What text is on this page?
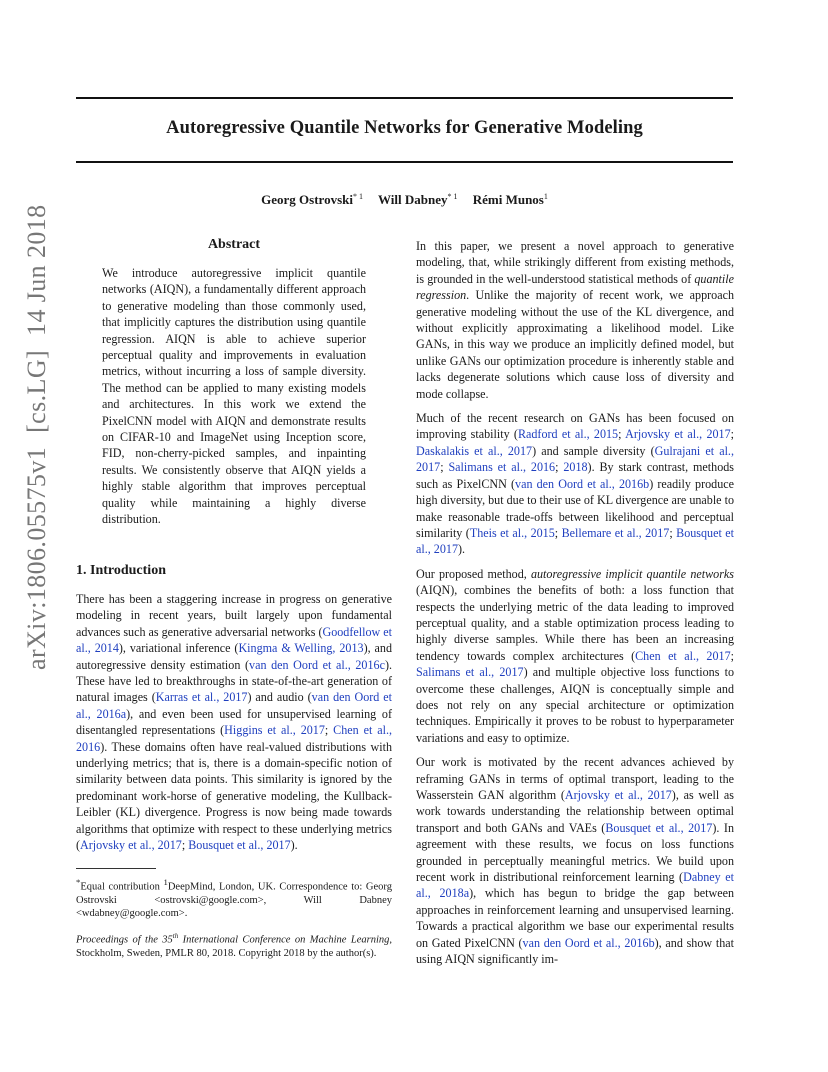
Autoregressive Quantile Networks for Generative Modeling
Georg Ostrovski$^{* 1}$ Will Dabney$^{* 1}$ Rémi Munos$^1$
arXiv:1806.05575v1[cs.LG]14 Jun 2018	Abstract
We introduce autoregressive implicit quantile networks (AIQN), a fundamentally different approach to generative modeling than those commonly used, that implicitly captures the distribution using quantile regression. AIQN is able to achieve superior perceptual quality and improvements in evaluation metrics, without incurring a loss of sample diversity. The method can be applied to many existing models and architectures. In this work we extend the PixelCNN model with AIQN and demonstrate results on CIFAR-10 and ImageNet using Inception score, FID, non-cherry-picked samples, and inpainting results. We consistently observe that AIQN yields a highly stable algorithm that improves perceptual quality while maintaining a highly diverse distribution.
1. Introduction

There has been a staggering increase in progress on generative modeling in recent years, built largely upon fundamental advances such as generative adversarial networks (Goodfellow et al., 2014), variational inference (Kingma & Welling, 2013), and autoregressive density estimation (van den Oord et al., 2016c). These have led to breakthroughs in state-of-the-art generation of natural images (Karras et al., 2017) and audio (van den Oord et al., 2016a), and even been used for unsupervised learning of disentangled representations (Higgins et al., 2017; Chen et al., 2016). These domains often have real-valued distributions with underlying metrics; that is, there is a domain-specific notion of similarity between data points. This similarity is ignored by the predominant work-horse of generative modeling, the Kullback-Leibler (KL) divergence. Progress is now being made towards algorithms that optimize with respect to these underlying metrics (Arjovsky et al., 2017; Bousquet et al., 2017).

*Equal contribution $^1$DeepMind, London, UK. Correspondence to: Georg Ostrovski <ostrovski@google.com>, Will Dabney <wdabney@google.com>.
Proceedings of the 35th International Conference on Machine Learning, Stockholm, Sweden, PMLR 80, 2018. Copyright 2018 by the author(s).

In this paper, we present a novel approach to generative modeling, that, while strikingly different from existing methods, is grounded in the well-understood statistical methods of quantile regression. Unlike the majority of recent work, we approach generative modeling without the use of the KL divergence, and without explicitly approximating a likelihood model. Like GANs, in this way we produce an implicitly defined model, but unlike GANs our optimization procedure is inherently stable and lacks degenerate solutions which cause loss of diversity and mode collapse.

Much of the recent research on GANs has been focused on improving stability (Radford et al., 2015; Arjovsky et al., 2017; Daskalakis et al., 2017) and sample diversity (Gulrajani et al., 2017; Salimans et al., 2016; 2018). By stark contrast, methods such as PixelCNN (van den Oord et al., 2016b) readily produce high diversity, but due to their use of KL divergence are unable to make reasonable trade-offs between likelihood and perceptual similarity (Theis et al., 2015; Bellemare et al., 2017; Bousquet et al., 2017).

Our proposed method, autoregressive implicit quantile networks (AIQN), combines the benefits of both: a loss function that respects the underlying metric of the data leading to improved perceptual quality, and a stable optimization process leading to highly diverse samples. While there has been an increasing tendency towards complex architectures (Chen et al., 2017; Salimans et al., 2017) and multiple objective loss functions to overcome these challenges, AIQN is conceptually simple and does not rely on any special architecture or optimization techniques. Empirically it proves to be robust to hyperparameter variations and easy to optimize.

Our work is motivated by the recent advances achieved by reframing GANs in terms of optimal transport, leading to the Wasserstein GAN algorithm (Arjovsky et al., 2017), as well as work towards understanding the relationship between optimal transport and both GANs and VAEs (Bousquet et al., 2017). In agreement with these results, we focus on loss functions grounded in perceptually meaningful metrics. We build upon recent work in distributional reinforcement learning (Dabney et al., 2018a), which has begun to bridge the gap between approaches in reinforcement learning and unsupervised learning. Towards a practical algorithm we base our experimental results on Gated PixelCNN (van den Oord et al., 2016b), and show that using AIQN significantly im-
